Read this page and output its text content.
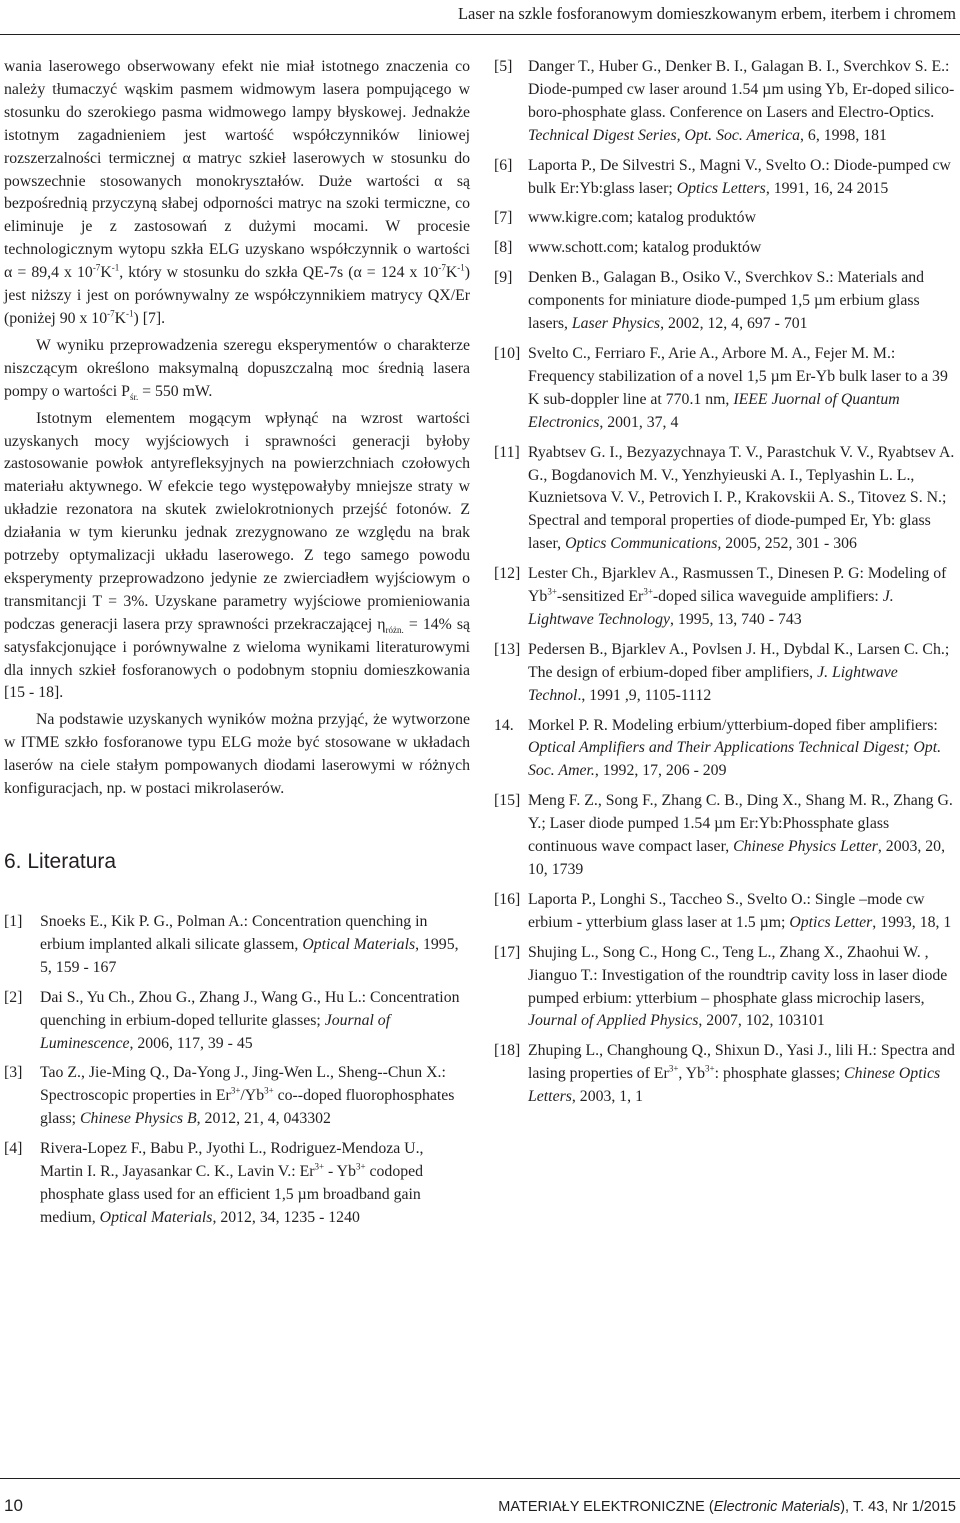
Laser na szkle fosforanowym domieszkowanym erbem, iterbem i chromem

wania laserowego obserwowany efekt nie miał istotnego znaczenia co należy tłumaczyć wąskim pasmem widmowym lasera pompującego w stosunku do szerokiego pasma widmowego lampy błyskowej. Jednakże istotnym zagadnieniem jest wartość współczynników liniowej rozszerzalności termicznej α matryc szkieł laserowych w stosunku do powszechnie stosowanych monokryształów. Duże wartości α są bezpośrednią przyczyną słabej odporności matryc na szoki termiczne, co eliminuje je z zastosowań z dużymi mocami. W procesie technologicznym wytopu szkła ELG uzyskano współczynnik o wartości α = 89,4 x $10^{-7}K^{-1}$, który w stosunku do szkła QE-7s (α = 124 x $10^{-7}K^{-1}$) jest niższy i jest on porównywalny ze współczynnikiem matrycy QX/Er (poniżej 90 x $10^{-7}K^{-1}$) [7].

W wyniku przeprowadzenia szeregu eksperymentów o charakterze niszczącym określono maksymalną dopuszczalną moc średnią lasera pompy o wartości $P_{śr.} = 550$ mW.

Istotnym elementem mogącym wpłynąć na wzrost wartości uzyskanych mocy wyjściowych i sprawności generacji byłoby zastosowanie powłok antyrefleksyjnych na powierzchniach czołowych materiału aktywnego. W efekcie tego występowałyby mniejsze straty w układzie rezonatora na skutek zwielokrotnionych przejść fotonów. Z działania w tym kierunku jednak zrezygnowano ze względu na brak potrzeby optymalizacji układu laserowego. Z tego samego powodu eksperymenty przeprowadzono jedynie ze zwierciadłem wyjściowym o transmitancji T = 3%. Uzyskane parametry wyjściowe promieniowania podczas generacji lasera przy sprawności przekraczającej $\eta_{różn.} = 14\%$ są satysfakcjonujące i porównywalne z wieloma wynikami literaturowymi dla innych szkieł fosforanowych o podobnym stopniu domieszkowania [15 - 18].

Na podstawie uzyskanych wyników można przyjąć, że wytworzone w ITME szkło fosforanowe typu ELG może być stosowane w układach laserów na ciele stałym pompowanych diodami laserowymi w różnych konfiguracjach, np. w postaci mikrolaserów.

6. Literatura
[1] Snoeks E., Kik P. G., Polman A.: Concentration quenching in erbium implanted alkali silicate glassem, Optical Materials, 1995, 5, 159 - 167
[2] Dai S., Yu Ch., Zhou G., Zhang J., Wang G., Hu L.: Concentration quenching in erbium-doped tellurite glasses; Journal of Luminescence, 2006, 117, 39 - 45
[3] Tao Z., Jie-Ming Q., Da-Yong J., Jing-Wen L., Sheng--Chun X.: Spectroscopic properties in $Er^{3+}/Yb^{3+}$ co--doped fluorophosphates glass; Chinese Physics B, 2012, 21, 4, 043302
[4] Rivera-Lopez F., Babu P., Jyothi L., Rodriguez-Mendoza U., Martin I. R., Jayasankar C. K., Lavin V.: $Er^{3+} - Yb^{3+}$ codoped phosphate glass used for an efficient 1,5 µm broadband gain medium, Optical Materials, 2012, 34, 1235 - 1240
[5] Danger T., Huber G., Denker B. I., Galagan B. I., Sverchkov S. E.: Diode-pumped cw laser around 1.54 µm using Yb, Er-doped silico-boro-phosphate glass. Conference on Lasers and Electro-Optics. Technical Digest Series, Opt. Soc. America, 6, 1998, 181
[6] Laporta P., De Silvestri S., Magni V., Svelto O.: Diode-pumped cw bulk Er:Yb:glass laser; Optics Letters, 1991, 16, 24 2015
[7] www.kigre.com; katalog produktów
[8] www.schott.com; katalog produktów
[9] Denken B., Galagan B., Osiko V., Sverchkov S.: Materials and components for miniature diode-pumped 1,5 µm erbium glass lasers, Laser Physics, 2002, 12, 4, 697 - 701
[10] Svelto C., Ferriaro F., Arie A., Arbore M. A., Fejer M. M.: Frequency stabilization of a novel 1,5 µm Er-Yb bulk laser to a 39 K sub-doppler line at 770.1 nm, IEEE Juornal of Quantum Electronics, 2001, 37, 4
[11] Ryabtsev G. I., Bezyazychnaya T. V., Parastchuk V. V., Ryabtsev A. G., Bogdanovich M. V., Yenzhyieuski A. I., Teplyashin L. L., Kuznietsova V. V., Petrovich I. P., Krakovskii A. S., Titovez S. N.; Spectral and temporal properties of diode-pumped Er, Yb: glass laser, Optics Communications, 2005, 252, 301 - 306
[12] Lester Ch., Bjarklev A., Rasmussen T., Dinesen P. G: Modeling of $Yb^{3+}$-sensitized $Er^{3+}$-doped silica waveguide amplifiers: J. Lightwave Technology, 1995, 13, 740 - 743
[13] Pedersen B., Bjarklev A., Povlsen J. H., Dybdal K., Larsen C. Ch.; The design of erbium-doped fiber amplifiers, J. Lightwave Technol., 1991 ,9, 1105-1112
14. Morkel P. R. Modeling erbium/ytterbium-doped fiber amplifiers: Optical Amplifiers and Their Applications Technical Digest; Opt. Soc. Amer., 1992, 17, 206 - 209
[15] Meng F. Z., Song F., Zhang C. B., Ding X., Shang M. R., Zhang G. Y.; Laser diode pumped 1.54 µm Er:Yb:Phossphate glass continuous wave compact laser, Chinese Physics Letter, 2003, 20, 10, 1739
[16] Laporta P., Longhi S., Taccheo S., Svelto O.: Single –mode cw erbium - ytterbium glass laser at 1.5 µm; Optics Letter, 1993, 18, 1
[17] Shujing L., Song C., Hong C., Teng L., Zhang X., Zhaohui W. , Jianguo T.: Investigation of the roundtrip cavity loss in laser diode pumped erbium: ytterbium – phosphate glass microchip lasers, Journal of Applied Physics, 2007, 102, 103101
[18] Zhuping L., Changhoung Q., Shixun D., Yasi J., lili H.: Spectra and lasing properties of $Er^{3+}$, $Yb^{3+}$: phosphate glasses; Chinese Optics Letters, 2003, 1, 1
10	MATERIAŁY ELEKTRONICZNE (Electronic Materials), T. 43, Nr 1/2015
